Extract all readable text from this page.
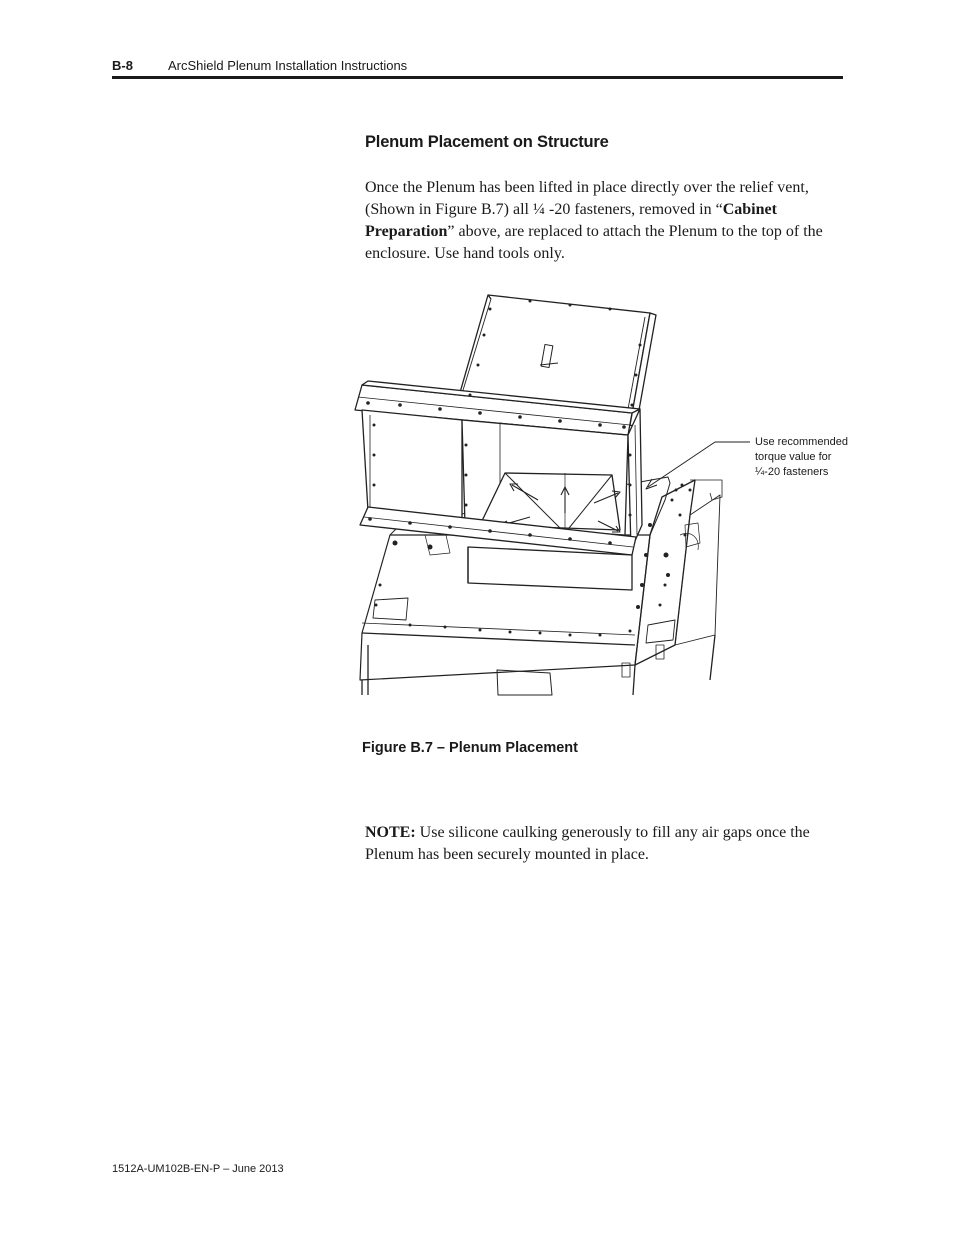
B-8	ArcShield Plenum Installation Instructions
Plenum Placement on Structure
Once the Plenum has been lifted in place directly over the relief vent, (Shown in Figure B.7) all ¼ -20 fasteners, removed in “Cabinet Preparation” above, are replaced to attach the Plenum to the top of the enclosure. Use hand tools only.
Use recommended
torque value for
¼-20 fasteners
Figure B.7 – Plenum Placement
NOTE: Use silicone caulking generously to fill any air gaps once the Plenum has been securely mounted in place.
1512A-UM102B-EN-P – June 2013
